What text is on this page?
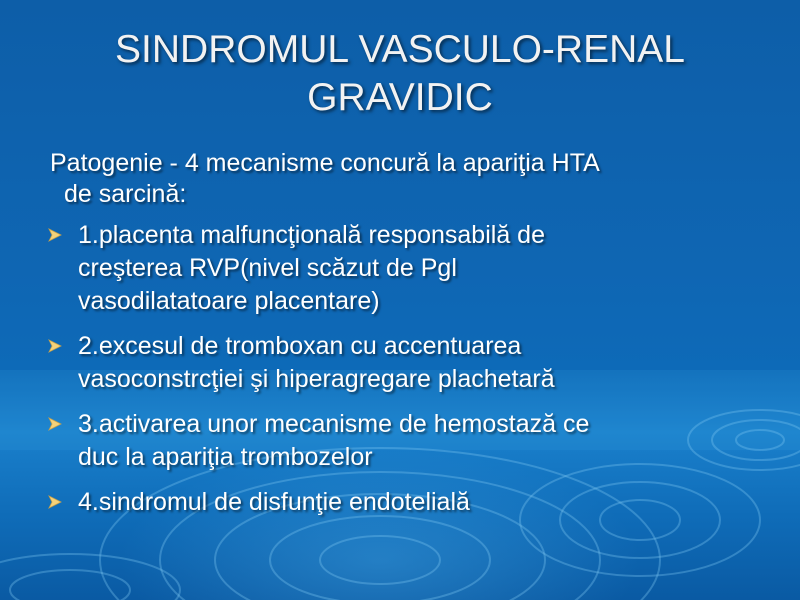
SINDROMUL VASCULO-RENAL
GRAVIDIC
Patogenie - 4 mecanisme concură la apariţia HTA
de sarcină:
1.placenta malfuncţională responsabilă de
creşterea RVP(nivel scăzut de Pgl
vasodilatatoare placentare)
2.excesul de tromboxan cu accentuarea
vasoconstrcţiei şi hiperagregare plachetară
3.activarea unor mecanisme de hemostază ce
duc la apariţia trombozelor
4.sindromul de disfunţie endotelială
